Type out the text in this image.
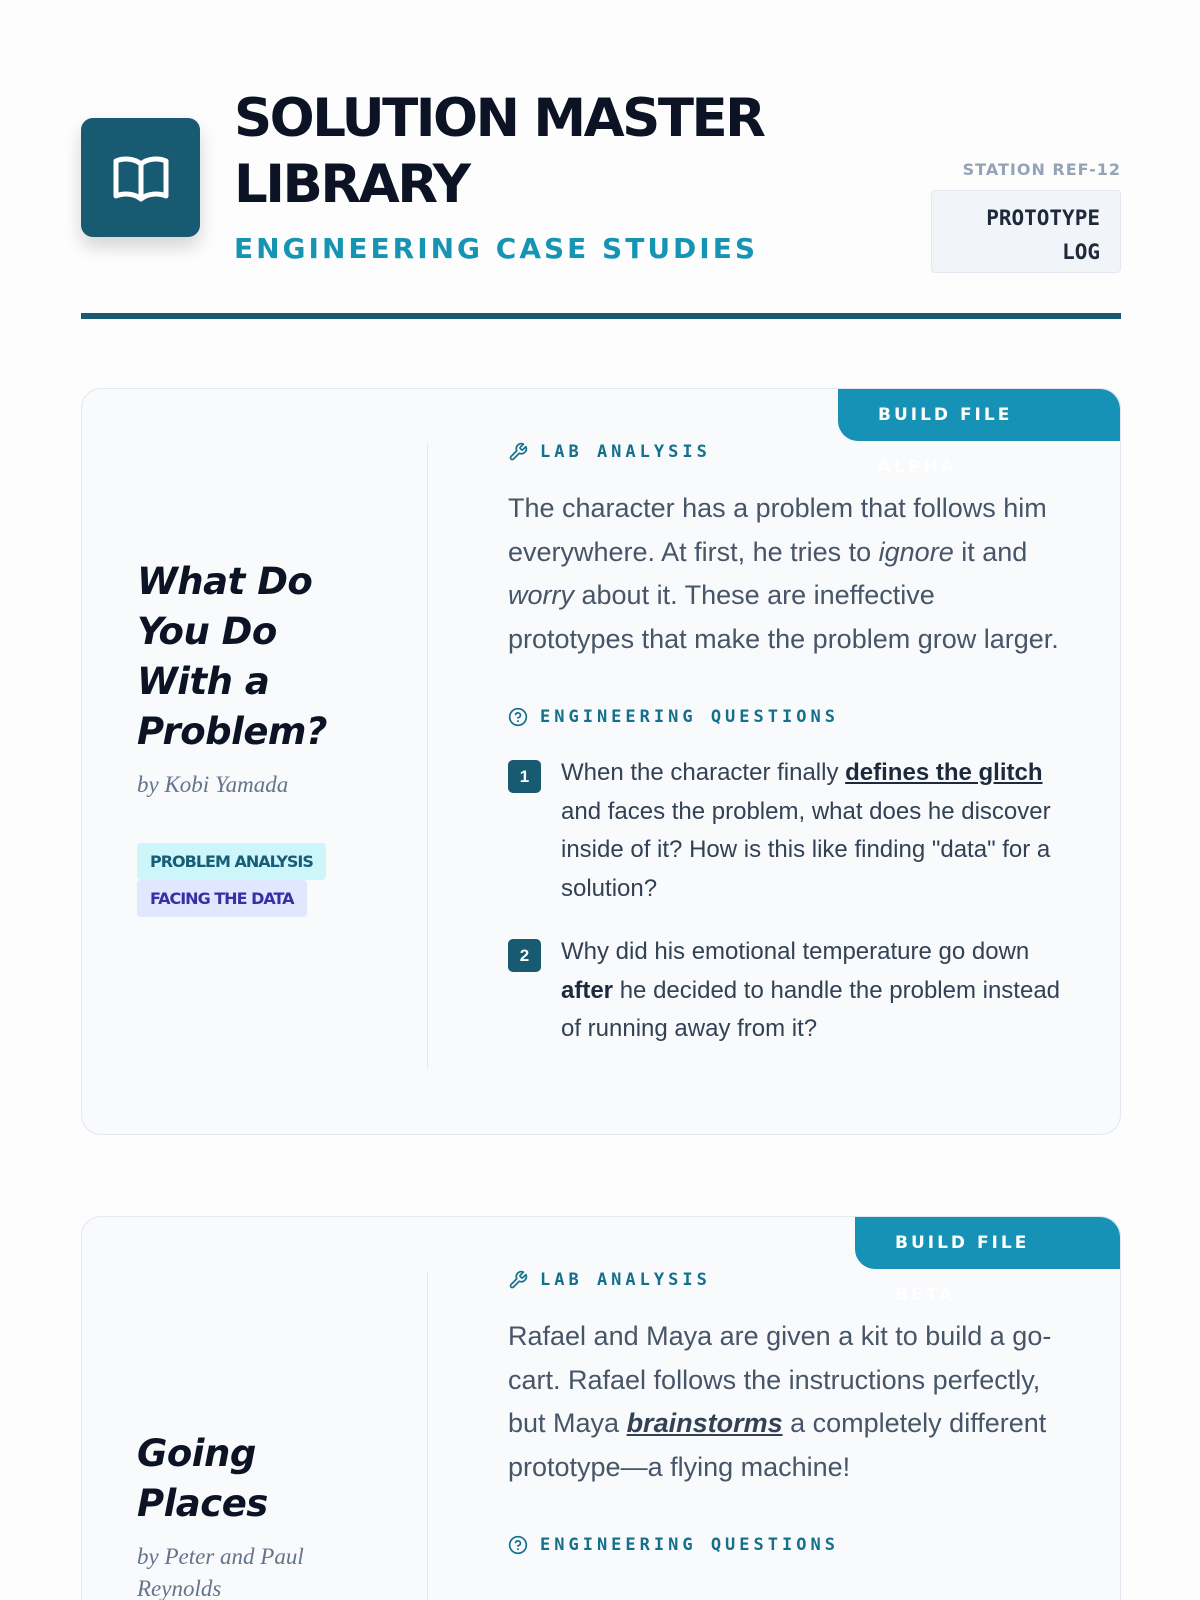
SOLUTION MASTER LIBRARY
ENGINEERING CASE STUDIES
STATION REF-12
PROTOTYPE LOG
BUILD FILE ALPHA
What Do You Do With a Problem?
by Kobi Yamada
PROBLEM ANALYSIS
FACING THE DATA
LAB ANALYSIS

The character has a problem that follows him everywhere. At first, he tries to ignore it and worry about it. These are ineffective prototypes that make the problem grow larger.

ENGINEERING QUESTIONS
1	When the character finally defines the glitch and faces the problem, what does he discover inside of it? How is this like finding "data" for a solution?
2	Why did his emotional temperature go down after he decided to handle the problem instead of running away from it?
BUILD FILE BETA
Going Places
by Peter and Paul Reynolds
LAB ANALYSIS

Rafael and Maya are given a kit to build a go-cart. Rafael follows the instructions perfectly, but Maya brainstorms a completely different prototype—a flying machine!

ENGINEERING QUESTIONS
